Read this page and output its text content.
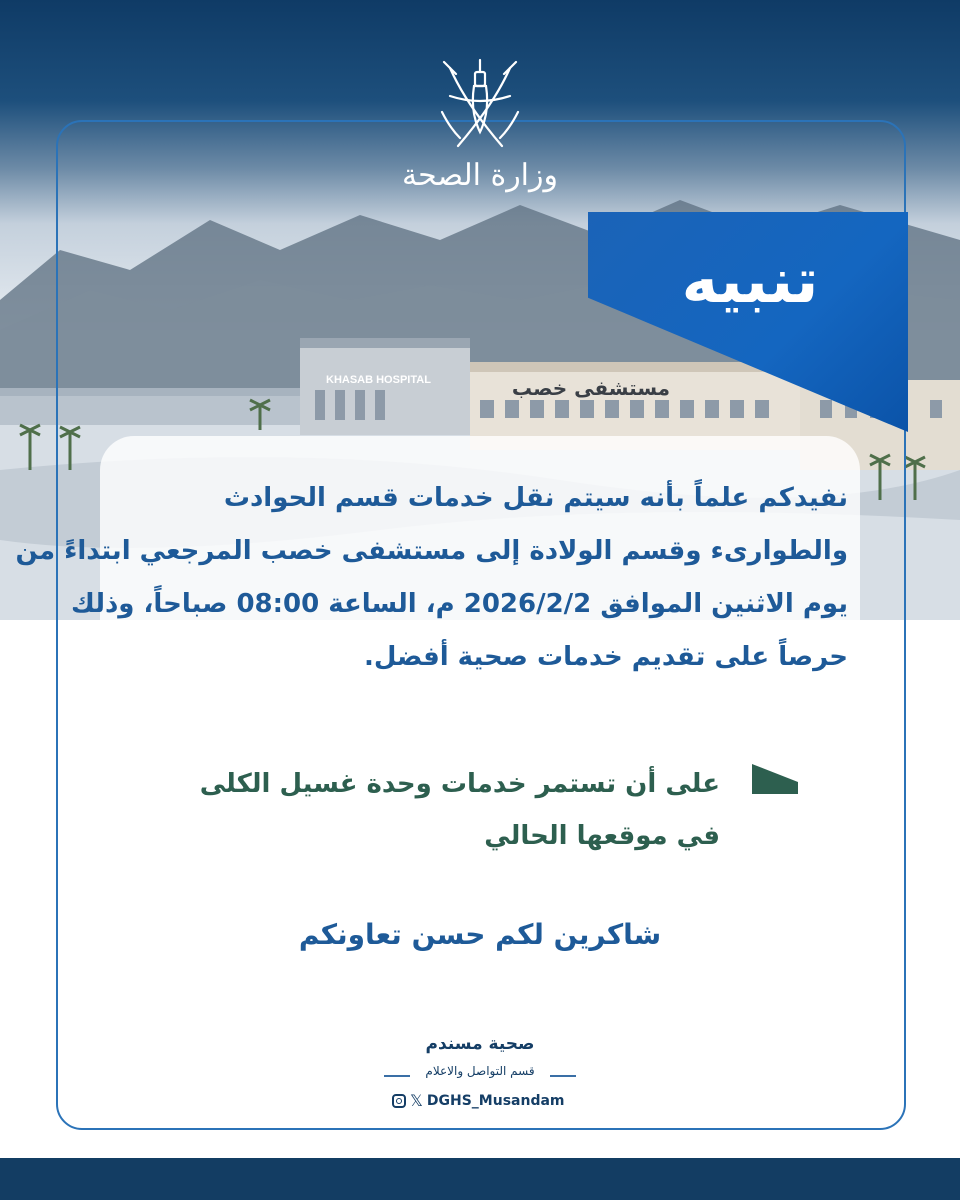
وزارة الصحة
تنبيه
KHASAB HOSPITAL	مستشفى خصب
نفيدكم علماً بأنه سيتم نقل خدمات قسم الحوادث
والطوارىء وقسم الولادة إلى مستشفى خصب المرجعي ابتداءً من
يوم الاثنين الموافق 2026/2/2 م، الساعة 08:00 صباحاً، وذلك
حرصاً على تقديم خدمات صحية أفضل.
على أن تستمر خدمات وحدة غسيل الكلى
في موقعها الحالي
شاكرين لكم حسن تعاونكم
صحية مسندم
قسم التواصل والاعلام
𝕏 DGHS_Musandam
